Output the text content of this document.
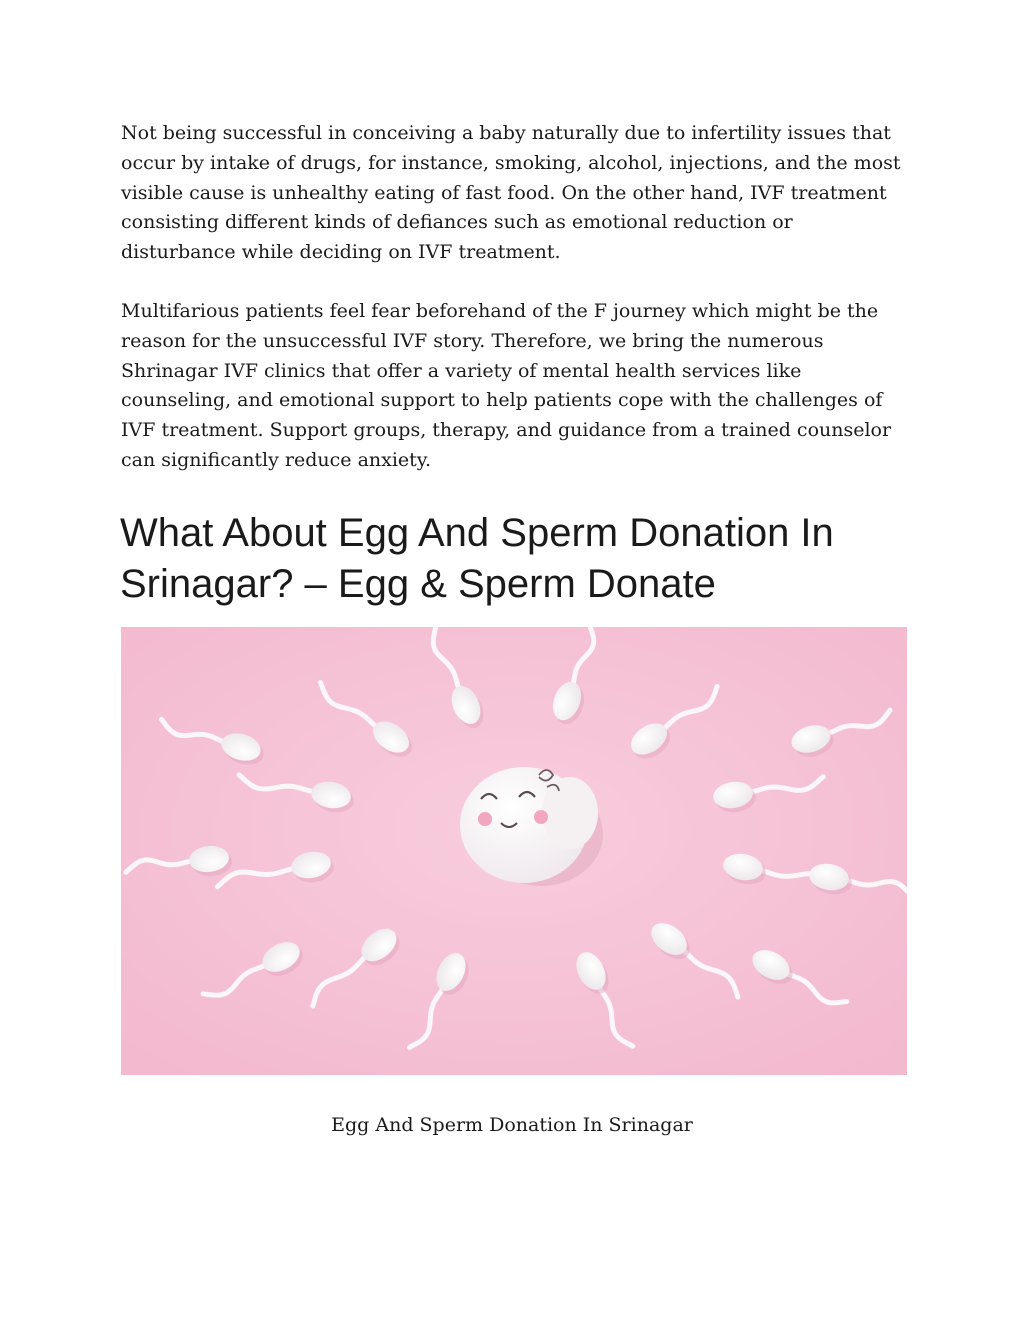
Not being successful in conceiving a baby naturally due to infertility issues that occur by intake of drugs, for instance, smoking, alcohol, injections, and the most visible cause is unhealthy eating of fast food. On the other hand, IVF treatment consisting different kinds of defiances such as emotional reduction or disturbance while deciding on IVF treatment.

Multifarious patients feel fear beforehand of the F journey which might be the reason for the unsuccessful IVF story. Therefore, we bring the numerous Shrinagar IVF clinics that offer a variety of mental health services like counseling, and emotional support to help patients cope with the challenges of IVF treatment. Support groups, therapy, and guidance from a trained counselor can significantly reduce anxiety.

What About Egg And Sperm Donation In Srinagar? – Egg & Sperm Donate

Egg And Sperm Donation In Srinagar
